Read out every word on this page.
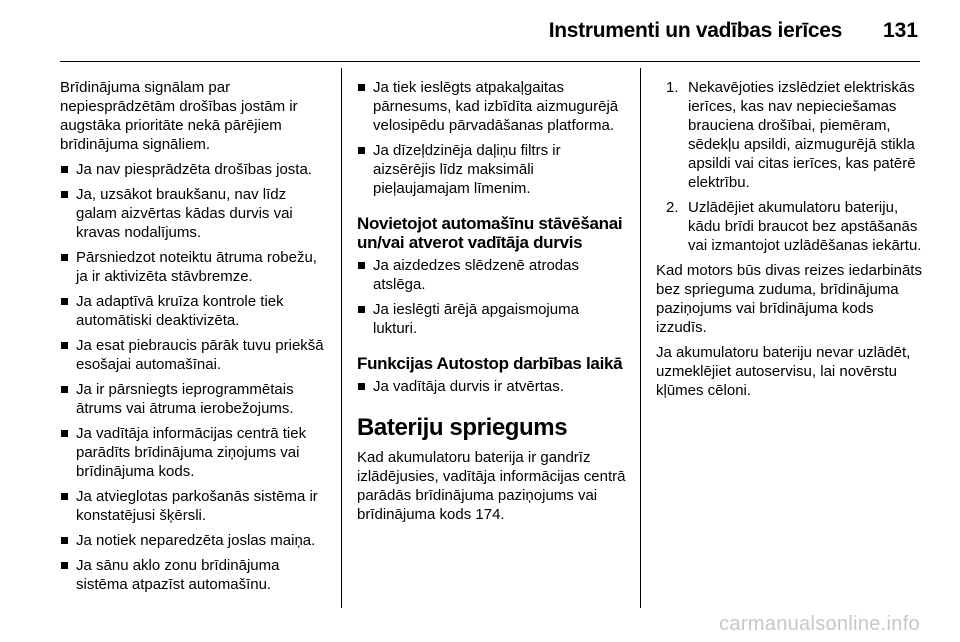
Instrumenti un vadības ierīces 131

Brīdinājuma signālam par nepiesprādzētām drošības jostām ir augstāka prioritāte nekā pārējiem brīdinājuma signāliem.

Ja nav piesprādzēta drošības josta.
Ja, uzsākot braukšanu, nav līdz galam aizvērtas kādas durvis vai kravas nodalījums.
Pārsniedzot noteiktu ātruma robežu, ja ir aktivizēta stāvbremze.
Ja adaptīvā kruīza kontrole tiek automātiski deaktivizēta.
Ja esat piebraucis pārāk tuvu priekšā esošajai automašīnai.
Ja ir pārsniegts ieprogrammētais ātrums vai ātruma ierobežojums.
Ja vadītāja informācijas centrā tiek parādīts brīdinājuma ziņojums vai brīdinājuma kods.
Ja atvieglotas parkošanās sistēma ir konstatējusi šķērsli.
Ja notiek neparedzēta joslas maiņa.
Ja sānu aklo zonu brīdinājuma sistēma atpazīst automašīnu.
Ja tiek ieslēgts atpakaļgaitas pārnesums, kad izbīdīta aizmugurējā velosipēdu pārvadāšanas platforma.
Ja dīzeļdzinēja daļiņu filtrs ir aizsērējis līdz maksimāli pieļaujamajam līmenim.
Novietojot automašīnu stāvēšanai un/vai atverot vadītāja durvis
Ja aizdedzes slēdzenē atrodas atslēga.
Ja ieslēgti ārējā apgaismojuma lukturi.
Funkcijas Autostop darbības laikā
Ja vadītāja durvis ir atvērtas.
Bateriju spriegums

Kad akumulatoru baterija ir gandrīz izlādējusies, vadītāja informācijas centrā parādās brīdinājuma paziņojums vai brīdinājuma kods 174.

1. Nekavējoties izslēdziet elektriskās ierīces, kas nav nepieciešamas brauciena drošībai, piemēram, sēdekļu apsildi, aizmugurējā stikla apsildi vai citas ierīces, kas patērē elektrību.
2. Uzlādējiet akumulatoru bateriju, kādu brīdi braucot bez apstāšanās vai izmantojot uzlādēšanas iekārtu.

Kad motors būs divas reizes iedarbināts bez sprieguma zuduma, brīdinājuma paziņojums vai brīdinājuma kods izzudīs.

Ja akumulatoru bateriju nevar uzlādēt, uzmeklējiet autoservisu, lai novērstu kļūmes cēloni.

carmanualsonline.info
